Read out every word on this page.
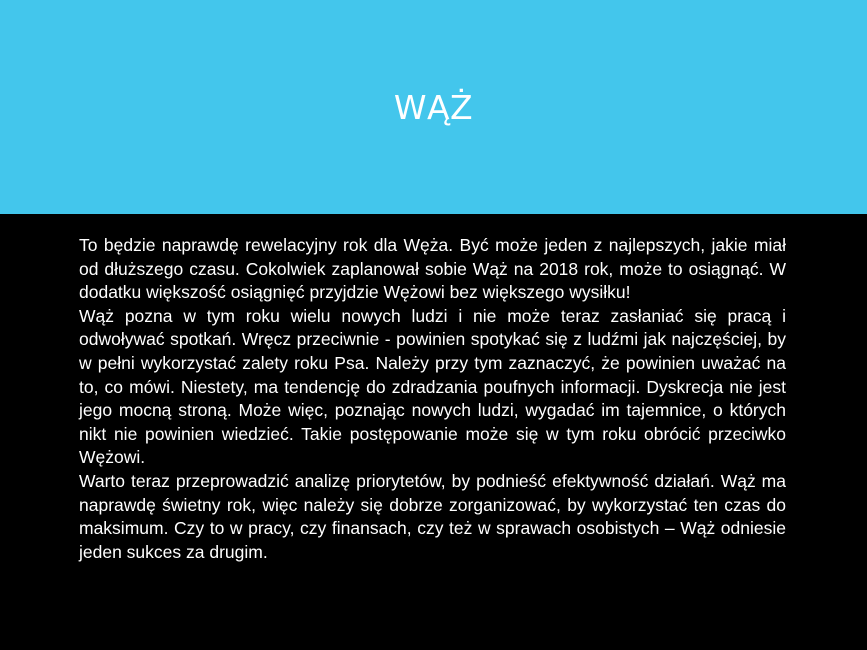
WĄŻ

To będzie naprawdę rewelacyjny rok dla Węża. Być może jeden z najlepszych, jakie miał od dłuższego czasu. Cokolwiek zaplanował sobie Wąż na 2018 rok, może to osiągnąć. W dodatku większość osiągnięć przyjdzie Wężowi bez większego wysiłku!

Wąż pozna w tym roku wielu nowych ludzi i nie może teraz zasłaniać się pracą i odwoływać spotkań. Wręcz przeciwnie - powinien spotykać się z ludźmi jak najczęściej, by w pełni wykorzystać zalety roku Psa. Należy przy tym zaznaczyć, że powinien uważać na to, co mówi. Niestety, ma tendencję do zdradzania poufnych informacji. Dyskrecja nie jest jego mocną stroną. Może więc, poznając nowych ludzi, wygadać im tajemnice, o których nikt nie powinien wiedzieć. Takie postępowanie może się w tym roku obrócić przeciwko Wężowi.

Warto teraz przeprowadzić analizę priorytetów, by podnieść efektywność działań. Wąż ma naprawdę świetny rok, więc należy się dobrze zorganizować, by wykorzystać ten czas do maksimum. Czy to w pracy, czy finansach, czy też w sprawach osobistych – Wąż odniesie jeden sukces za drugim.
